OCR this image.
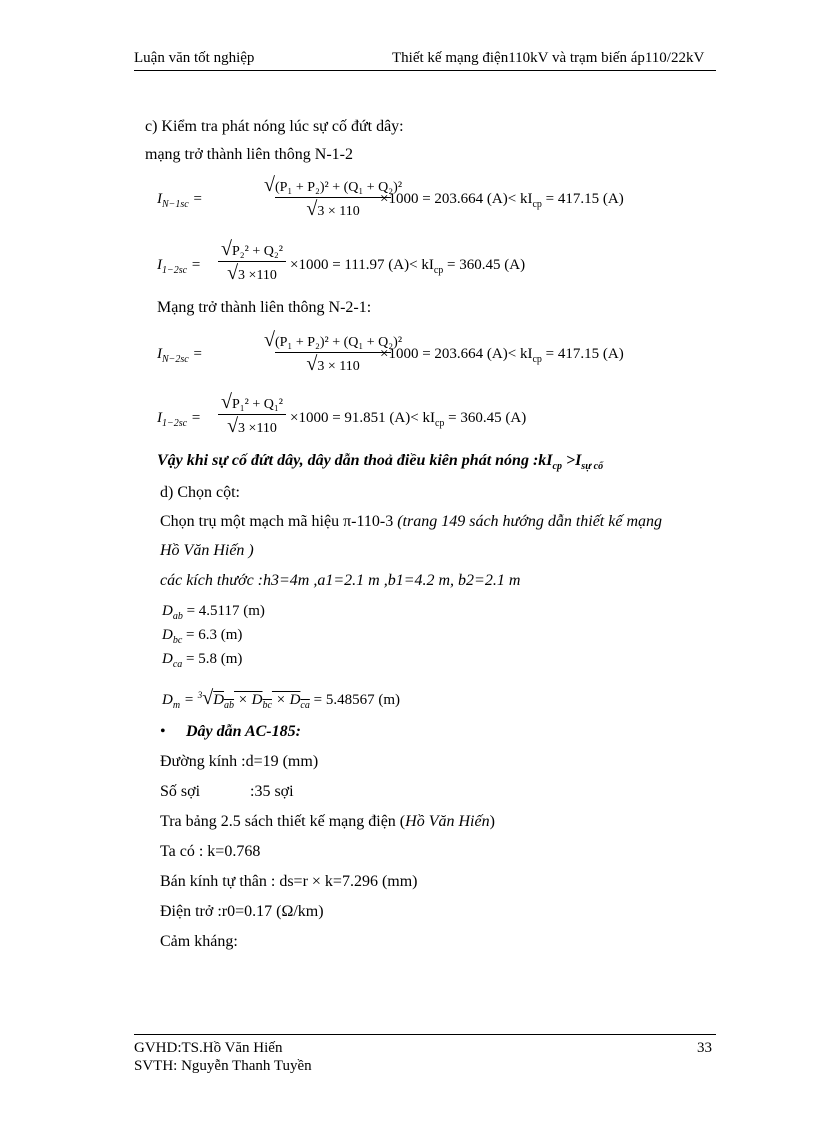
Luận văn tốt nghiệp	Thiết kế mạng điện110kV và trạm biến áp110/22kV
c) Kiểm tra phát nóng lúc sự cố đứt dây:
mạng trở thành liên thông N-1-2
$I_{N-1sc}$ =
√(P₁ + P₂)² + (Q₁ + Q₂)²
√3 × 110
×1000 = 203.664 $(A)< kI_{cp} = 417.15$ (A)
$I_{1-2sc}$ =
√P₂² + Q₂²
√3 ×110
×1000 = 111.97 $(A)< kI_{cp} = 360.45$ (A)
Mạng trở thành liên thông N-2-1:
$I_{N-2sc}$ =
√(P₁ + P₂)² + (Q₁ + Q₂)²
√3 × 110
×1000 = 203.664 $(A)< kI_{cp} = 417.15$ (A)
$I_{1-2sc}$ =
√P₁² + Q₁²
√3 ×110
×1000 = 91.851 $(A)< kI_{cp} = 360.45$ (A)
Vậy khi sự cố đứt dây, dây dẫn thoả điều kiên phát nóng $:kI_{cp} >I_{sự cố}$
d) Chọn cột:
Chọn trụ một mạch mã hiệu π-110-3 (trang 149 sách hướng dẫn thiết kế mạng
Hồ Văn Hiến )
các kích thước :h3=4m ,a1=2.1 m ,b1=4.2 m, b2=2.1 m
$D_{ab} = 4.5117$ (m)
$D_{bc} = 6.3$ (m)
$D_{ca} = 5.8$ (m)
$D_m = ^3√D_{ab} \times D_{bc} \times D_{ca} = 5.48567$ (m)
• Dây dẫn AC-185:
Đường kính :d=19 (mm)
Số sợi	:35 sợi
Tra bảng 2.5 sách thiết kế mạng điện (Hồ Văn Hiến)
Ta có : k=0.768
Bán kính tự thân : ds=r × k=7.296 (mm)
Điện trở :r0=0.17 (Ω/km)
Cảm kháng:
GVHD:TS.Hồ Văn Hiến
SVTH: Nguyễn Thanh Tuyền
33
